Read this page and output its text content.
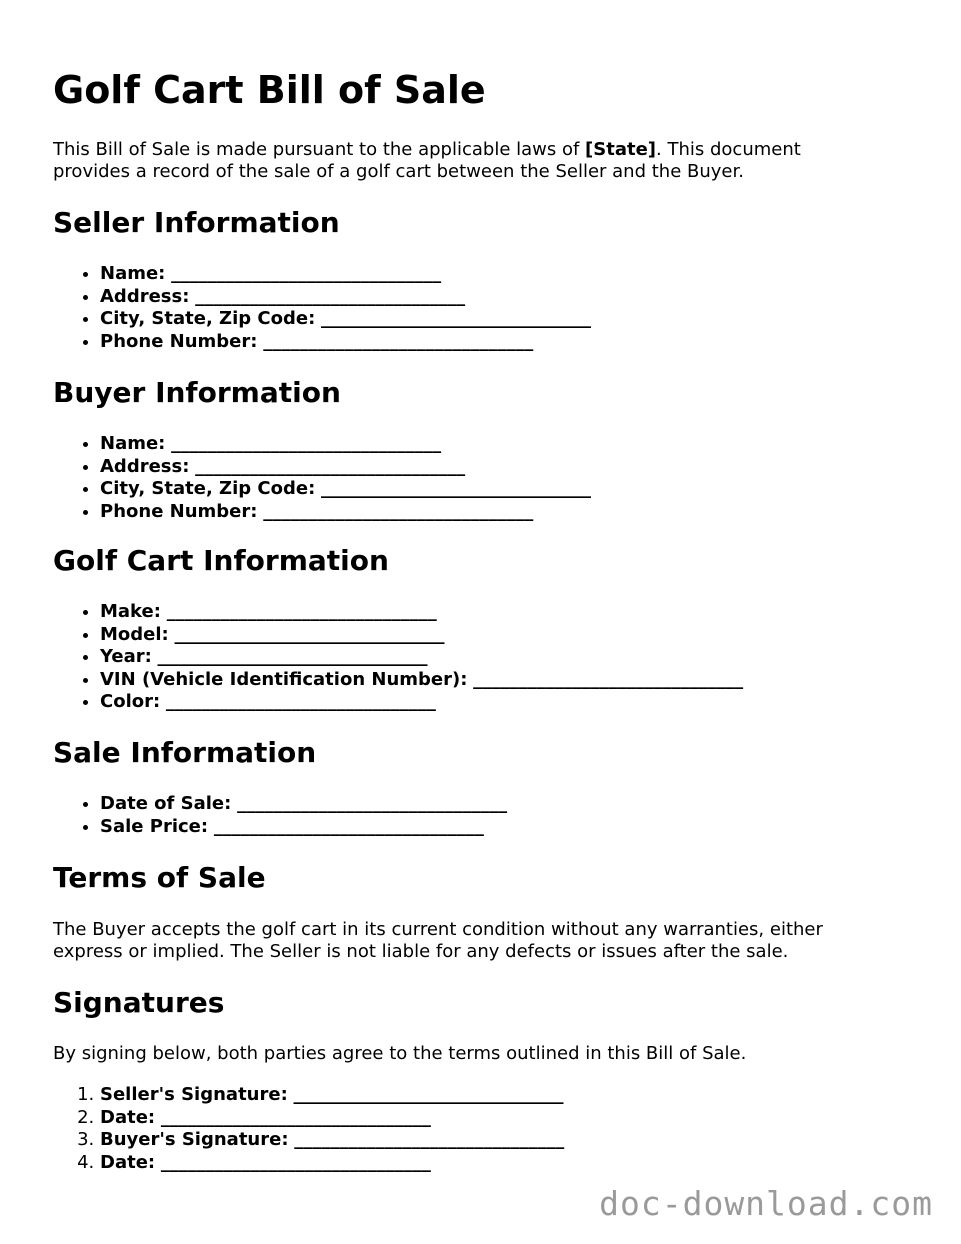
Golf Cart Bill of Sale

This Bill of Sale is made pursuant to the applicable laws of [State]. This document provides a record of the sale of a golf cart between the Seller and the Buyer.

Seller Information
• Name: ______________________________
• Address: ______________________________
• City, State, Zip Code: ______________________________
• Phone Number: ______________________________
Buyer Information
• Name: ______________________________
• Address: ______________________________
• City, State, Zip Code: ______________________________
• Phone Number: ______________________________
Golf Cart Information
• Make: ______________________________
• Model: ______________________________
• Year: ______________________________
• VIN (Vehicle Identification Number): ______________________________
• Color: ______________________________
Sale Information
• Date of Sale: ______________________________
• Sale Price: ______________________________
Terms of Sale

The Buyer accepts the golf cart in its current condition without any warranties, either express or implied. The Seller is not liable for any defects or issues after the sale.

Signatures

By signing below, both parties agree to the terms outlined in this Bill of Sale.

1. Seller's Signature: ______________________________
2. Date: ______________________________
3. Buyer's Signature: ______________________________
4. Date: ______________________________
doc-download.com
